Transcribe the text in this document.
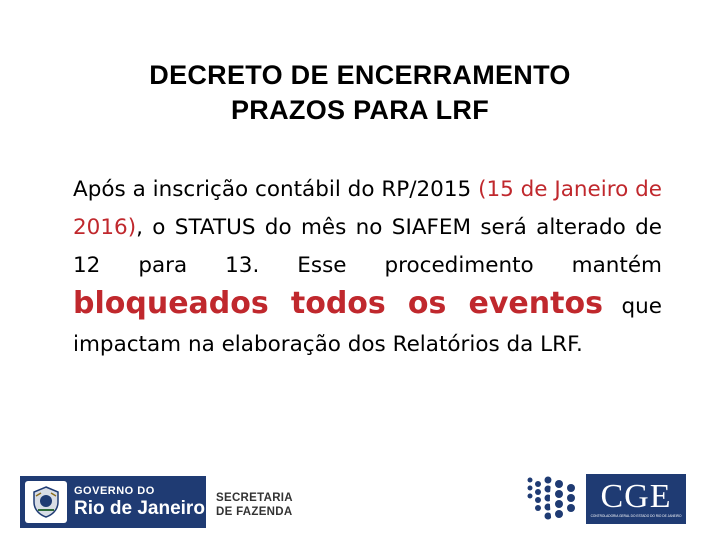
DECRETO DE ENCERRAMENTO
PRAZOS PARA LRF
Após a inscrição contábil do RP/2015 (15 de Janeiro de 2016), o STATUS do mês no SIAFEM será alterado de 12 para 13. Esse procedimento mantém bloqueados todos os eventos que impactam na elaboração dos Relatórios da LRF.
GOVERNO DO
Rio de Janeiro SECRETARIA
DE FAZENDA	CGE
CONTROLADORIA GERAL DO ESTADO DO RIO DE JANEIRO
